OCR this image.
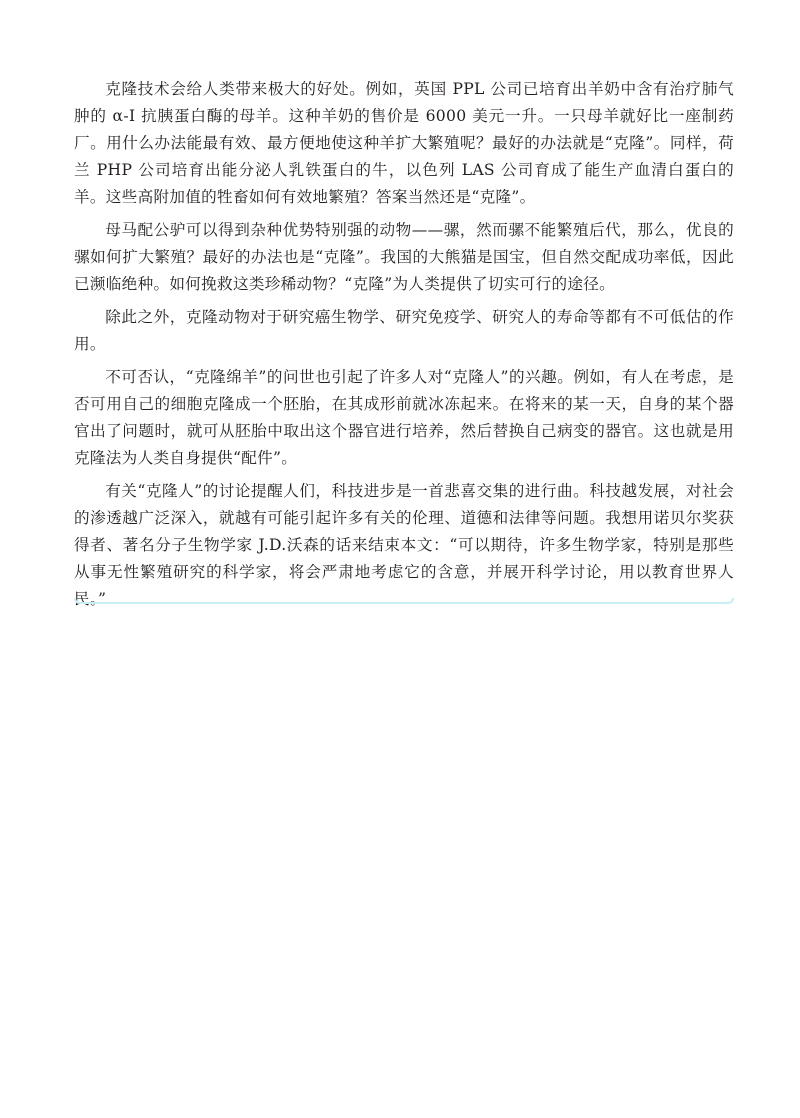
克隆技术会给人类带来极大的好处。例如，英国 PPL 公司已培育出羊奶中含有治疗肺气肿的 α-I 抗胰蛋白酶的母羊。这种羊奶的售价是 6000 美元一升。一只母羊就好比一座制药厂。用什么办法能最有效、最方便地使这种羊扩大繁殖呢？最好的办法就是“克隆”。同样，荷兰 PHP 公司培育出能分泌人乳铁蛋白的牛，以色列 LAS 公司育成了能生产血清白蛋白的羊。这些高附加值的牲畜如何有效地繁殖？答案当然还是“克隆”。

母马配公驴可以得到杂种优势特别强的动物——骡，然而骡不能繁殖后代，那么，优良的骡如何扩大繁殖？最好的办法也是“克隆”。我国的大熊猫是国宝，但自然交配成功率低，因此已濒临绝种。如何挽救这类珍稀动物？“克隆”为人类提供了切实可行的途径。

除此之外，克隆动物对于研究癌生物学、研究免疫学、研究人的寿命等都有不可低估的作用。

不可否认，“克隆绵羊”的问世也引起了许多人对“克隆人”的兴趣。例如，有人在考虑，是否可用自己的细胞克隆成一个胚胎，在其成形前就冰冻起来。在将来的某一天，自身的某个器官出了问题时，就可从胚胎中取出这个器官进行培养，然后替换自己病变的器官。这也就是用克隆法为人类自身提供“配件”。

有关“克隆人”的讨论提醒人们，科技进步是一首悲喜交集的进行曲。科技越发展，对社会的渗透越广泛深入，就越有可能引起许多有关的伦理、道德和法律等问题。我想用诺贝尔奖获得者、著名分子生物学家 J.D.沃森的话来结束本文：“可以期待，许多生物学家，特别是那些从事无性繁殖研究的科学家，将会严肃地考虑它的含意，并展开科学讨论，用以教育世界人民。”
